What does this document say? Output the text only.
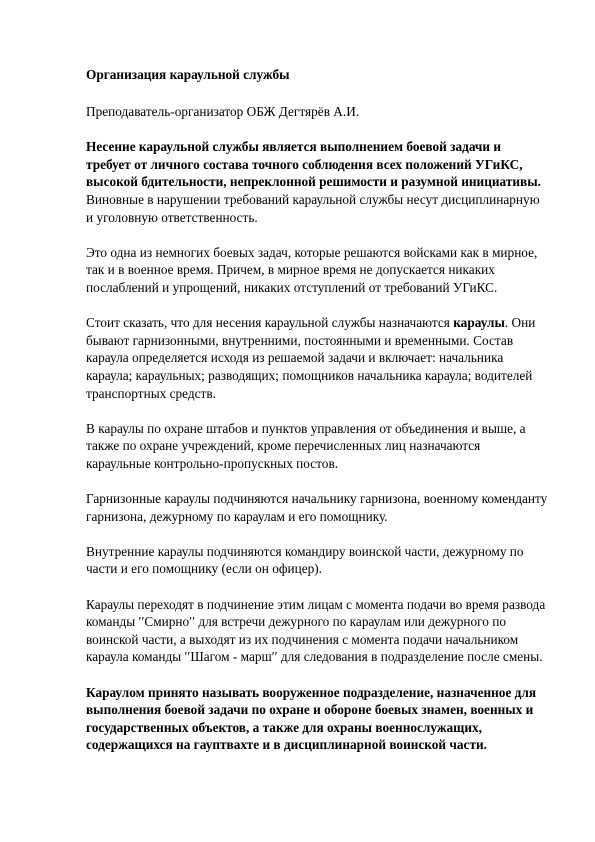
Организация караульной службы

Преподаватель-организатор ОБЖ Дегтярёв А.И.

Несение караульной службы является выполнением боевой задачи и требует от личного состава точного соблюдения всех положений УГиКС, высокой бдительности, непреклонной решимости и разумной инициативы. Виновные в нарушении требований караульной службы несут дисциплинарную и уголовную ответственность.

Это одна из немногих боевых задач, которые решаются войсками как в мирное, так и в военное время. Причем, в мирное время не допускается никаких послаблений и упрощений, никаких отступлений от требований УГиКС.

Стоит сказать, что для несения караульной службы назначаются караулы. Они бывают гарнизонными, внутренними, постоянными и временными. Состав караула определяется исходя из решаемой задачи и включает: начальника караула; караульных; разводящих; помощников начальника караула; водителей транспортных средств.

В караулы по охране штабов и пунктов управления от объединения и выше, а также по охране учреждений, кроме перечисленных лиц назначаются караульные контрольно-пропускных постов.

Гарнизонные караулы подчиняются начальнику гарнизона, военному коменданту гарнизона, дежурному по караулам и его помощнику.

Внутренние караулы подчиняются командиру воинской части, дежурному по части и его помощнику (если он офицер).

Караулы переходят в подчинение этим лицам с момента подачи во время развода команды ′′Смирно′′ для встречи дежурного по караулам или дежурного по воинской части, а выходят из их подчинения с момента подачи начальником караула команды ′′Шагом - марш′′ для следования в подразделение после смены.

Караулом принято называть вооруженное подразделение, назначенное для выполнения боевой задачи по охране и обороне боевых знамен, военных и государственных объектов, а также для охраны военнослужащих, содержащихся на гауптвахте и в дисциплинарной воинской части.
